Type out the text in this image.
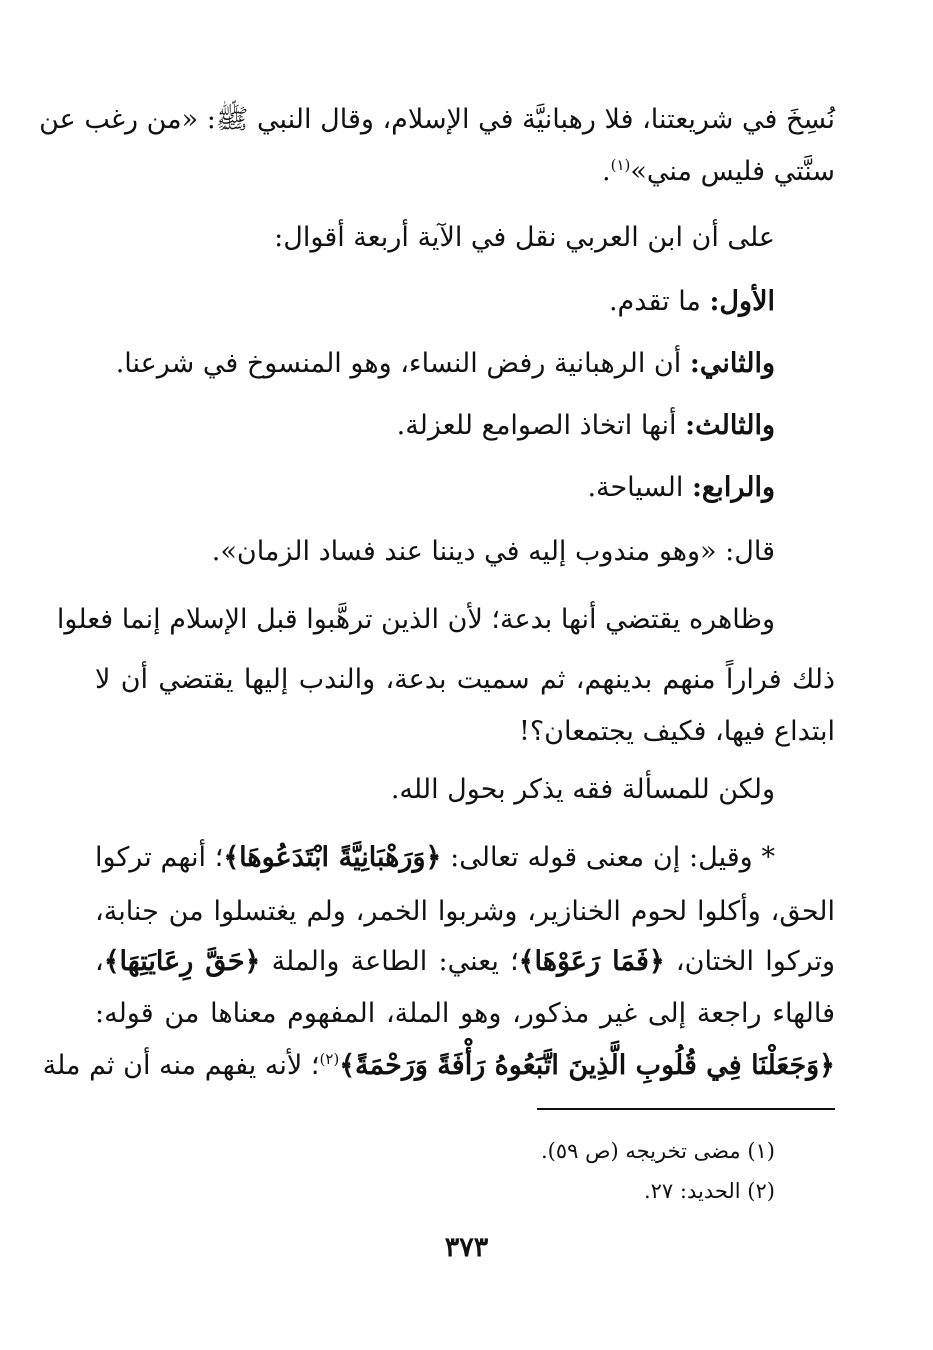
نُسِخَ في شريعتنا، فلا رهبانيَّة في الإسلام، وقال النبي ﷺ: «من رغب عن
سنَّتي فليس مني»$^{(١)}$.
على أن ابن العربي نقل في الآية أربعة أقوال:
الأول: ما تقدم.
والثاني: أن الرهبانية رفض النساء، وهو المنسوخ في شرعنا.
والثالث: أنها اتخاذ الصوامع للعزلة.
والرابع: السياحة.
قال: «وهو مندوب إليه في ديننا عند فساد الزمان».
وظاهره يقتضي أنها بدعة؛ لأن الذين ترهَّبوا قبل الإسلام إنما فعلوا
ذلك فراراً منهم بدينهم، ثم سميت بدعة، والندب إليها يقتضي أن لا
ابتداع فيها، فكيف يجتمعان؟!
ولكن للمسألة فقه يذكر بحول الله.
* وقيل: إن معنى قوله تعالى: ﴿وَرَهْبَانِيَّةً ابْتَدَعُوهَا﴾؛ أنهم تركوا
الحق، وأكلوا لحوم الخنازير، وشربوا الخمر، ولم يغتسلوا من جنابة،
وتركوا الختان، ﴿فَمَا رَعَوْهَا﴾؛ يعني: الطاعة والملة ﴿حَقَّ رِعَايَتِهَا﴾،
فالهاء راجعة إلى غير مذكور، وهو الملة، المفهوم معناها من قوله:
﴿وَجَعَلْنَا فِي قُلُوبِ الَّذِينَ اتَّبَعُوهُ رَأْفَةً وَرَحْمَةً﴾$^{(٢)}$؛ لأنه يفهم منه أن ثم ملة
(١) مضى تخريجه (ص ٥٩).
(٢) الحديد: ٢٧.
٣٧٣
